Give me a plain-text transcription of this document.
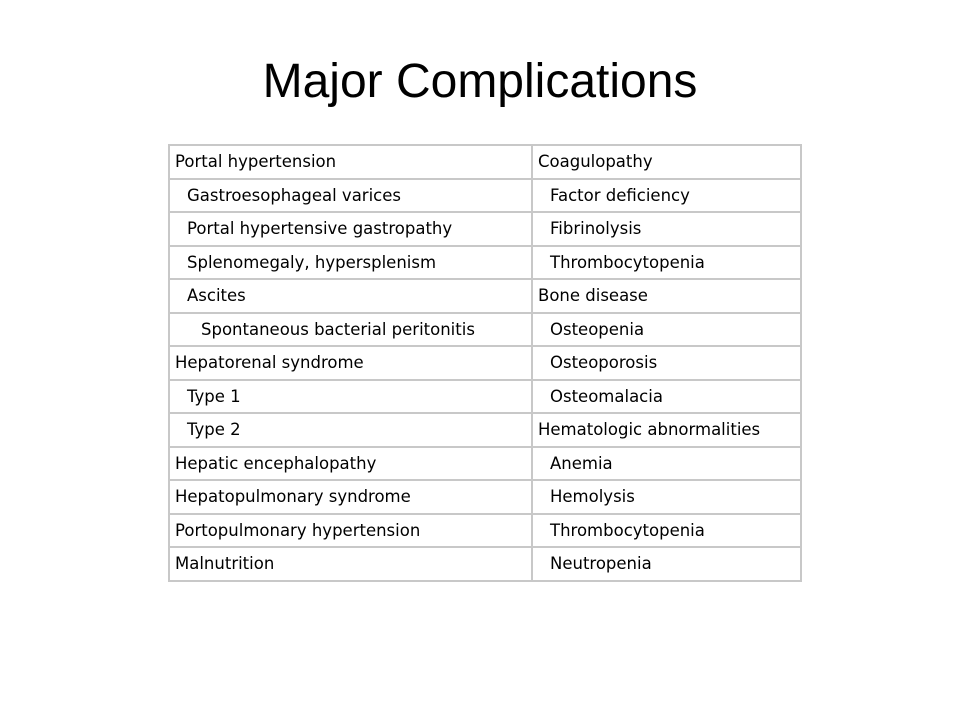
Major Complications
Portal hypertension	Coagulopathy
Gastroesophageal varices	Factor deficiency
Portal hypertensive gastropathy	Fibrinolysis
Splenomegaly, hypersplenism	Thrombocytopenia
Ascites	Bone disease
Spontaneous bacterial peritonitis	Osteopenia
Hepatorenal syndrome	Osteoporosis
Type 1	Osteomalacia
Type 2	Hematologic abnormalities
Hepatic encephalopathy	Anemia
Hepatopulmonary syndrome	Hemolysis
Portopulmonary hypertension	Thrombocytopenia
Malnutrition	Neutropenia
